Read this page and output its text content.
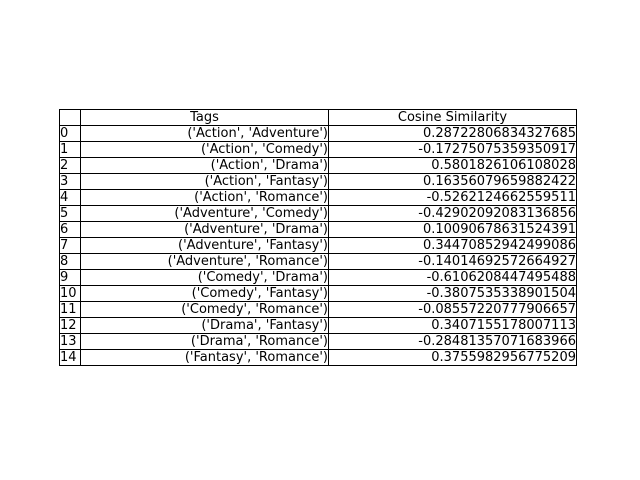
	Tags	Cosine Similarity
0	('Action', 'Adventure')	0.28722806834327685
1	('Action', 'Comedy')	-0.17275075359350917
2	('Action', 'Drama')	0.5801826106108028
3	('Action', 'Fantasy')	0.16356079659882422
4	('Action', 'Romance')	-0.5262124662559511
5	('Adventure', 'Comedy')	-0.42902092083136856
6	('Adventure', 'Drama')	0.10090678631524391
7	('Adventure', 'Fantasy')	0.34470852942499086
8	('Adventure', 'Romance')	-0.14014692572664927
9	('Comedy', 'Drama')	-0.6106208447495488
10	('Comedy', 'Fantasy')	-0.3807535338901504
11	('Comedy', 'Romance')	-0.08557220777906657
12	('Drama', 'Fantasy')	0.3407155178007113
13	('Drama', 'Romance')	-0.28481357071683966
14	('Fantasy', 'Romance')	0.3755982956775209
